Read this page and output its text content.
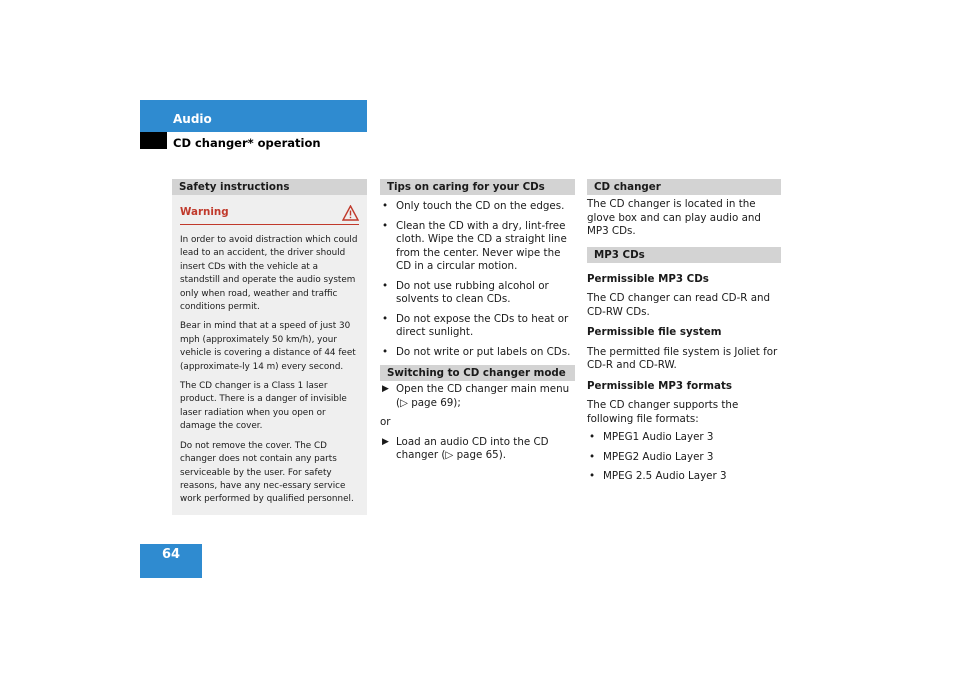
Audio
CD changer* operation
Safety instructions
Warning

In order to avoid distraction which could lead to an accident, the driver should insert CDs with the vehicle at a standstill and operate the audio system only when road, weather and traffic conditions permit.

Bear in mind that at a speed of just 30 mph (approximately 50 km/h), your vehicle is covering a distance of 44 feet (approximate-ly 14 m) every second.

The CD changer is a Class 1 laser product. There is a danger of invisible laser radiation when you open or damage the cover.

Do not remove the cover. The CD changer does not contain any parts serviceable by the user. For safety reasons, have any nec-essary service work performed by qualified personnel.

Tips on caring for your CDs
• Only touch the CD on the edges.
• Clean the CD with a dry, lint-free cloth. Wipe the CD a straight line from the center. Never wipe the CD in a circular motion.
• Do not use rubbing alcohol or solvents to clean CDs.
• Do not expose the CDs to heat or direct sunlight.
• Do not write or put labels on CDs.
Switching to CD changer mode
▶ Open the CD changer main menu (▷ page 69);

or

▶ Load an audio CD into the CD changer (▷ page 65).
CD changer

The CD changer is located in the glove box and can play audio and MP3 CDs.

MP3 CDs

Permissible MP3 CDs

The CD changer can read CD-R and CD-RW CDs.

Permissible file system

The permitted file system is Joliet for CD-R and CD-RW.

Permissible MP3 formats

The CD changer supports the following file formats:

• MPEG1 Audio Layer 3
• MPEG2 Audio Layer 3
• MPEG 2.5 Audio Layer 3
64
